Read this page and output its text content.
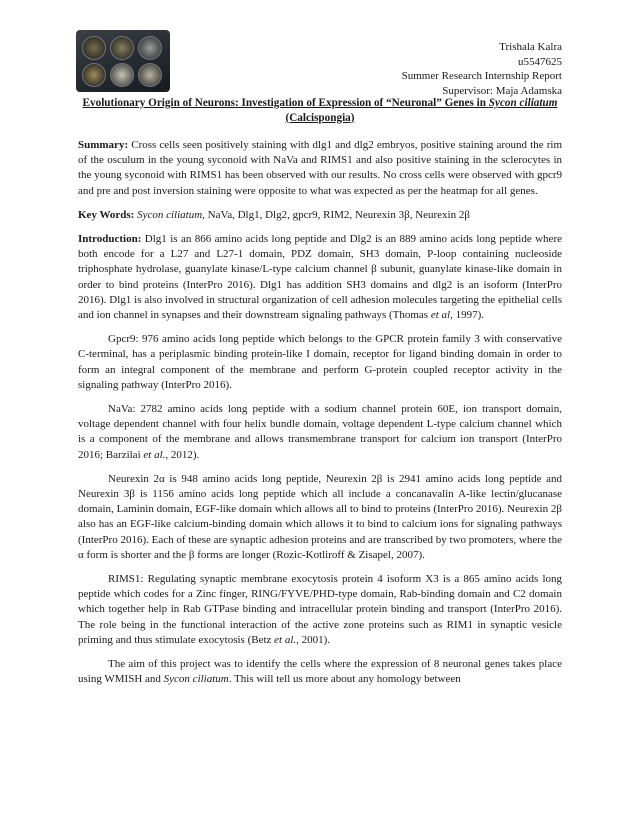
Trishala Kalra
u5547625
Summer Research Internship Report
Supervisor: Maja Adamska
Evolutionary Origin of Neurons: Investigation of Expression of “Neuronal” Genes in Sycon ciliatum (Calcispongia)

Summary: Cross cells seen positively staining with dlg1 and dlg2 embryos, positive staining around the rim of the osculum in the young syconoid with NaVa and RIMS1 and also positive staining in the sclerocytes in the young syconoid with RIMS1 has been observed with our results. No cross cells were observed with gpcr9 and pre and post inversion staining were opposite to what was expected as per the heatmap for all genes.

Key Words: Sycon ciliatum, NaVa, Dlg1, Dlg2, gpcr9, RIM2, Neurexin 3β, Neurexin 2β

Introduction: Dlg1 is an 866 amino acids long peptide and Dlg2 is an 889 amino acids long peptide where both encode for a L27 and L27-1 domain, PDZ domain, SH3 domain, P-loop containing nucleoside triphosphate hydrolase, guanylate kinase/L-type calcium channel β subunit, guanylate kinase-like domain in order to bind proteins (InterPro 2016). Dlg1 has addition SH3 domains and dlg2 is an isoform (InterPro 2016). Dlg1 is also involved in structural organization of cell adhesion molecules targeting the epithelial cells and ion channel in synapses and their downstream signaling pathways (Thomas et al, 1997).

Gpcr9: 976 amino acids long peptide which belongs to the GPCR protein family 3 with conservative C-terminal, has a periplasmic binding protein-like I domain, receptor for ligand binding domain in order to form an integral component of the membrane and perform G-protein coupled receptor activity in the signaling pathway (InterPro 2016).

NaVa: 2782 amino acids long peptide with a sodium channel protein 60E, ion transport domain, voltage dependent channel with four helix bundle domain, voltage dependent L-type calcium channel which is a component of the membrane and allows transmembrane transport for calcium ion transport (InterPro 2016; Barzilai et al., 2012).

Neurexin 2α is 948 amino acids long peptide, Neurexin 2β is 2941 amino acids long peptide and Neurexin 3β is 1156 amino acids long peptide which all include a concanavalin A-like lectin/glucanase domain, Laminin domain, EGF-like domain which allows all to bind to proteins (InterPro 2016). Neurexin 2β also has an EGF-like calcium-binding domain which allows it to bind to calcium ions for signaling pathways (InterPro 2016). Each of these are synaptic adhesion proteins and are transcribed by two promoters, where the α form is shorter and the β forms are longer (Rozic-Kotliroff & Zisapel, 2007).

RIMS1: Regulating synaptic membrane exocytosis protein 4 isoform X3 is a 865 amino acids long peptide which codes for a Zinc finger, RING/FYVE/PHD-type domain, Rab-binding domain and C2 domain which together help in Rab GTPase binding and intracellular protein binding and transport (InterPro 2016). The role being in the functional interaction of the active zone proteins such as RIM1 in synaptic vesicle priming and thus stimulate exocytosis (Betz et al., 2001).

The aim of this project was to identify the cells where the expression of 8 neuronal genes takes place using WMISH and Sycon ciliatum. This will tell us more about any homology between
